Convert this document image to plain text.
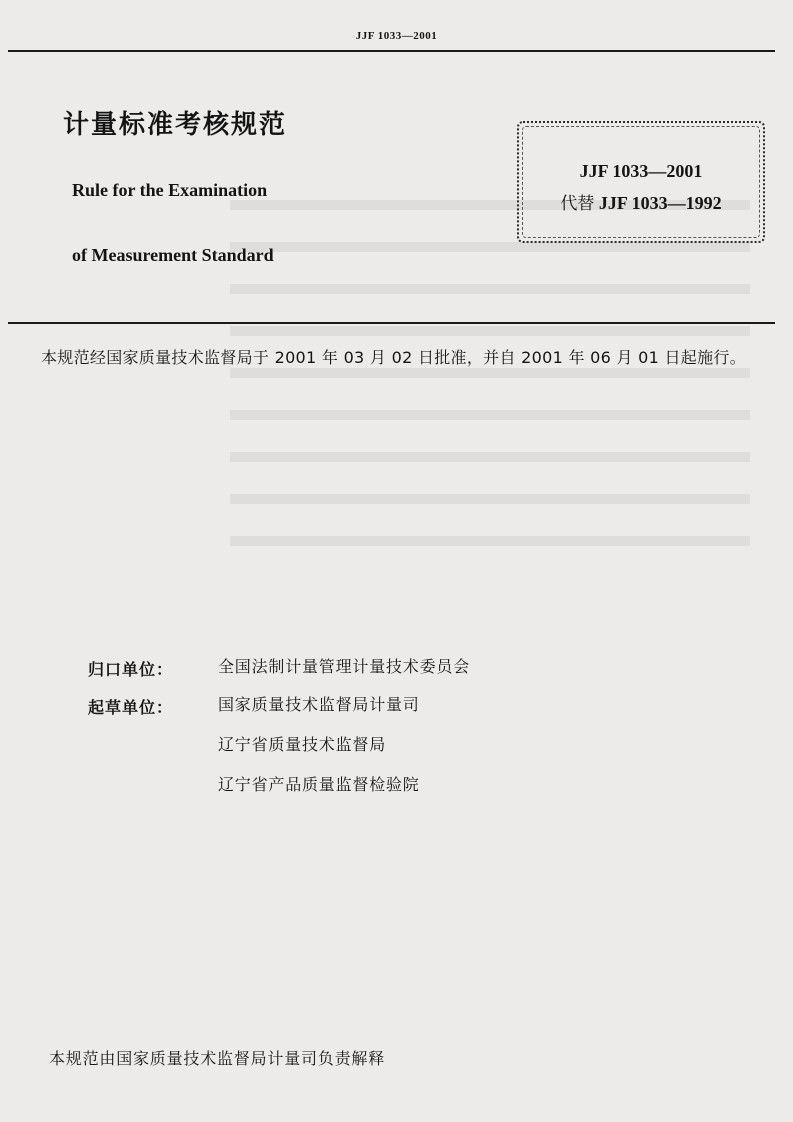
JJF 1033—2001
计量标准考核规范
Rule for the Examination
of Measurement Standard
JJF 1033—2001
代替 JJF 1033—1992
本规范经国家质量技术监督局于 2001 年 03 月 02 日批准，并自 2001 年 06 月 01 日起施行。
归口单位：	全国法制计量管理计量技术委员会
起草单位：	国家质量技术监督局计量司
辽宁省质量技术监督局
辽宁省产品质量监督检验院
本规范由国家质量技术监督局计量司负责解释
